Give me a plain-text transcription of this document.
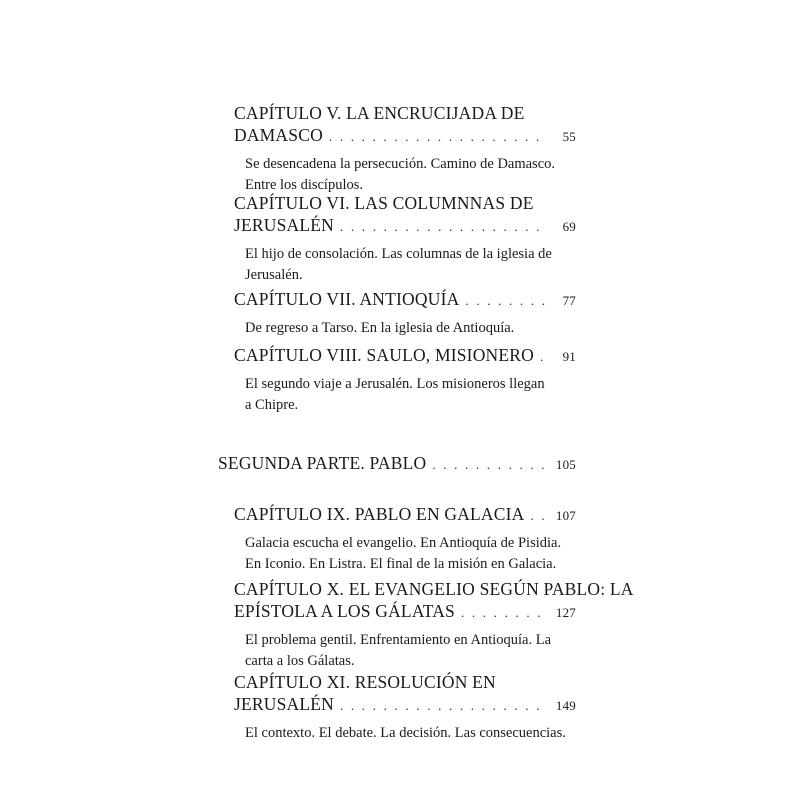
CAPÍTULO V. LA ENCRUCIJADA DE
DAMASCO . . .	55
Se desencadena la persecución. Camino de Damasco.
Entre los discípulos.
CAPÍTULO VI. LAS COLUMNNAS DE
JERUSALÉN . . .	69
El hijo de consolación. Las columnas de la iglesia de
Jerusalén.
CAPÍTULO VII. ANTIOQUÍA . . .	77
De regreso a Tarso. En la iglesia de Antioquía.
CAPÍTULO VIII. SAULO, MISIONERO . . .	91
El segundo viaje a Jerusalén. Los misioneros llegan
a Chipre.
SEGUNDA PARTE. PABLO . . .	105
CAPÍTULO IX. PABLO EN GALACIA . . . 107
Galacia escucha el evangelio. En Antioquía de Pisidia.
En Iconio. En Listra. El final de la misión en Galacia.
CAPÍTULO X. EL EVANGELIO SEGÚN PABLO: LA
EPÍSTOLA A LOS GÁLATAS . . .	127
El problema gentil. Enfrentamiento en Antioquía. La
carta a los Gálatas.
CAPÍTULO XI. RESOLUCIÓN EN
JERUSALÉN . . .	149
El contexto. El debate. La decisión. Las consecuencias.
